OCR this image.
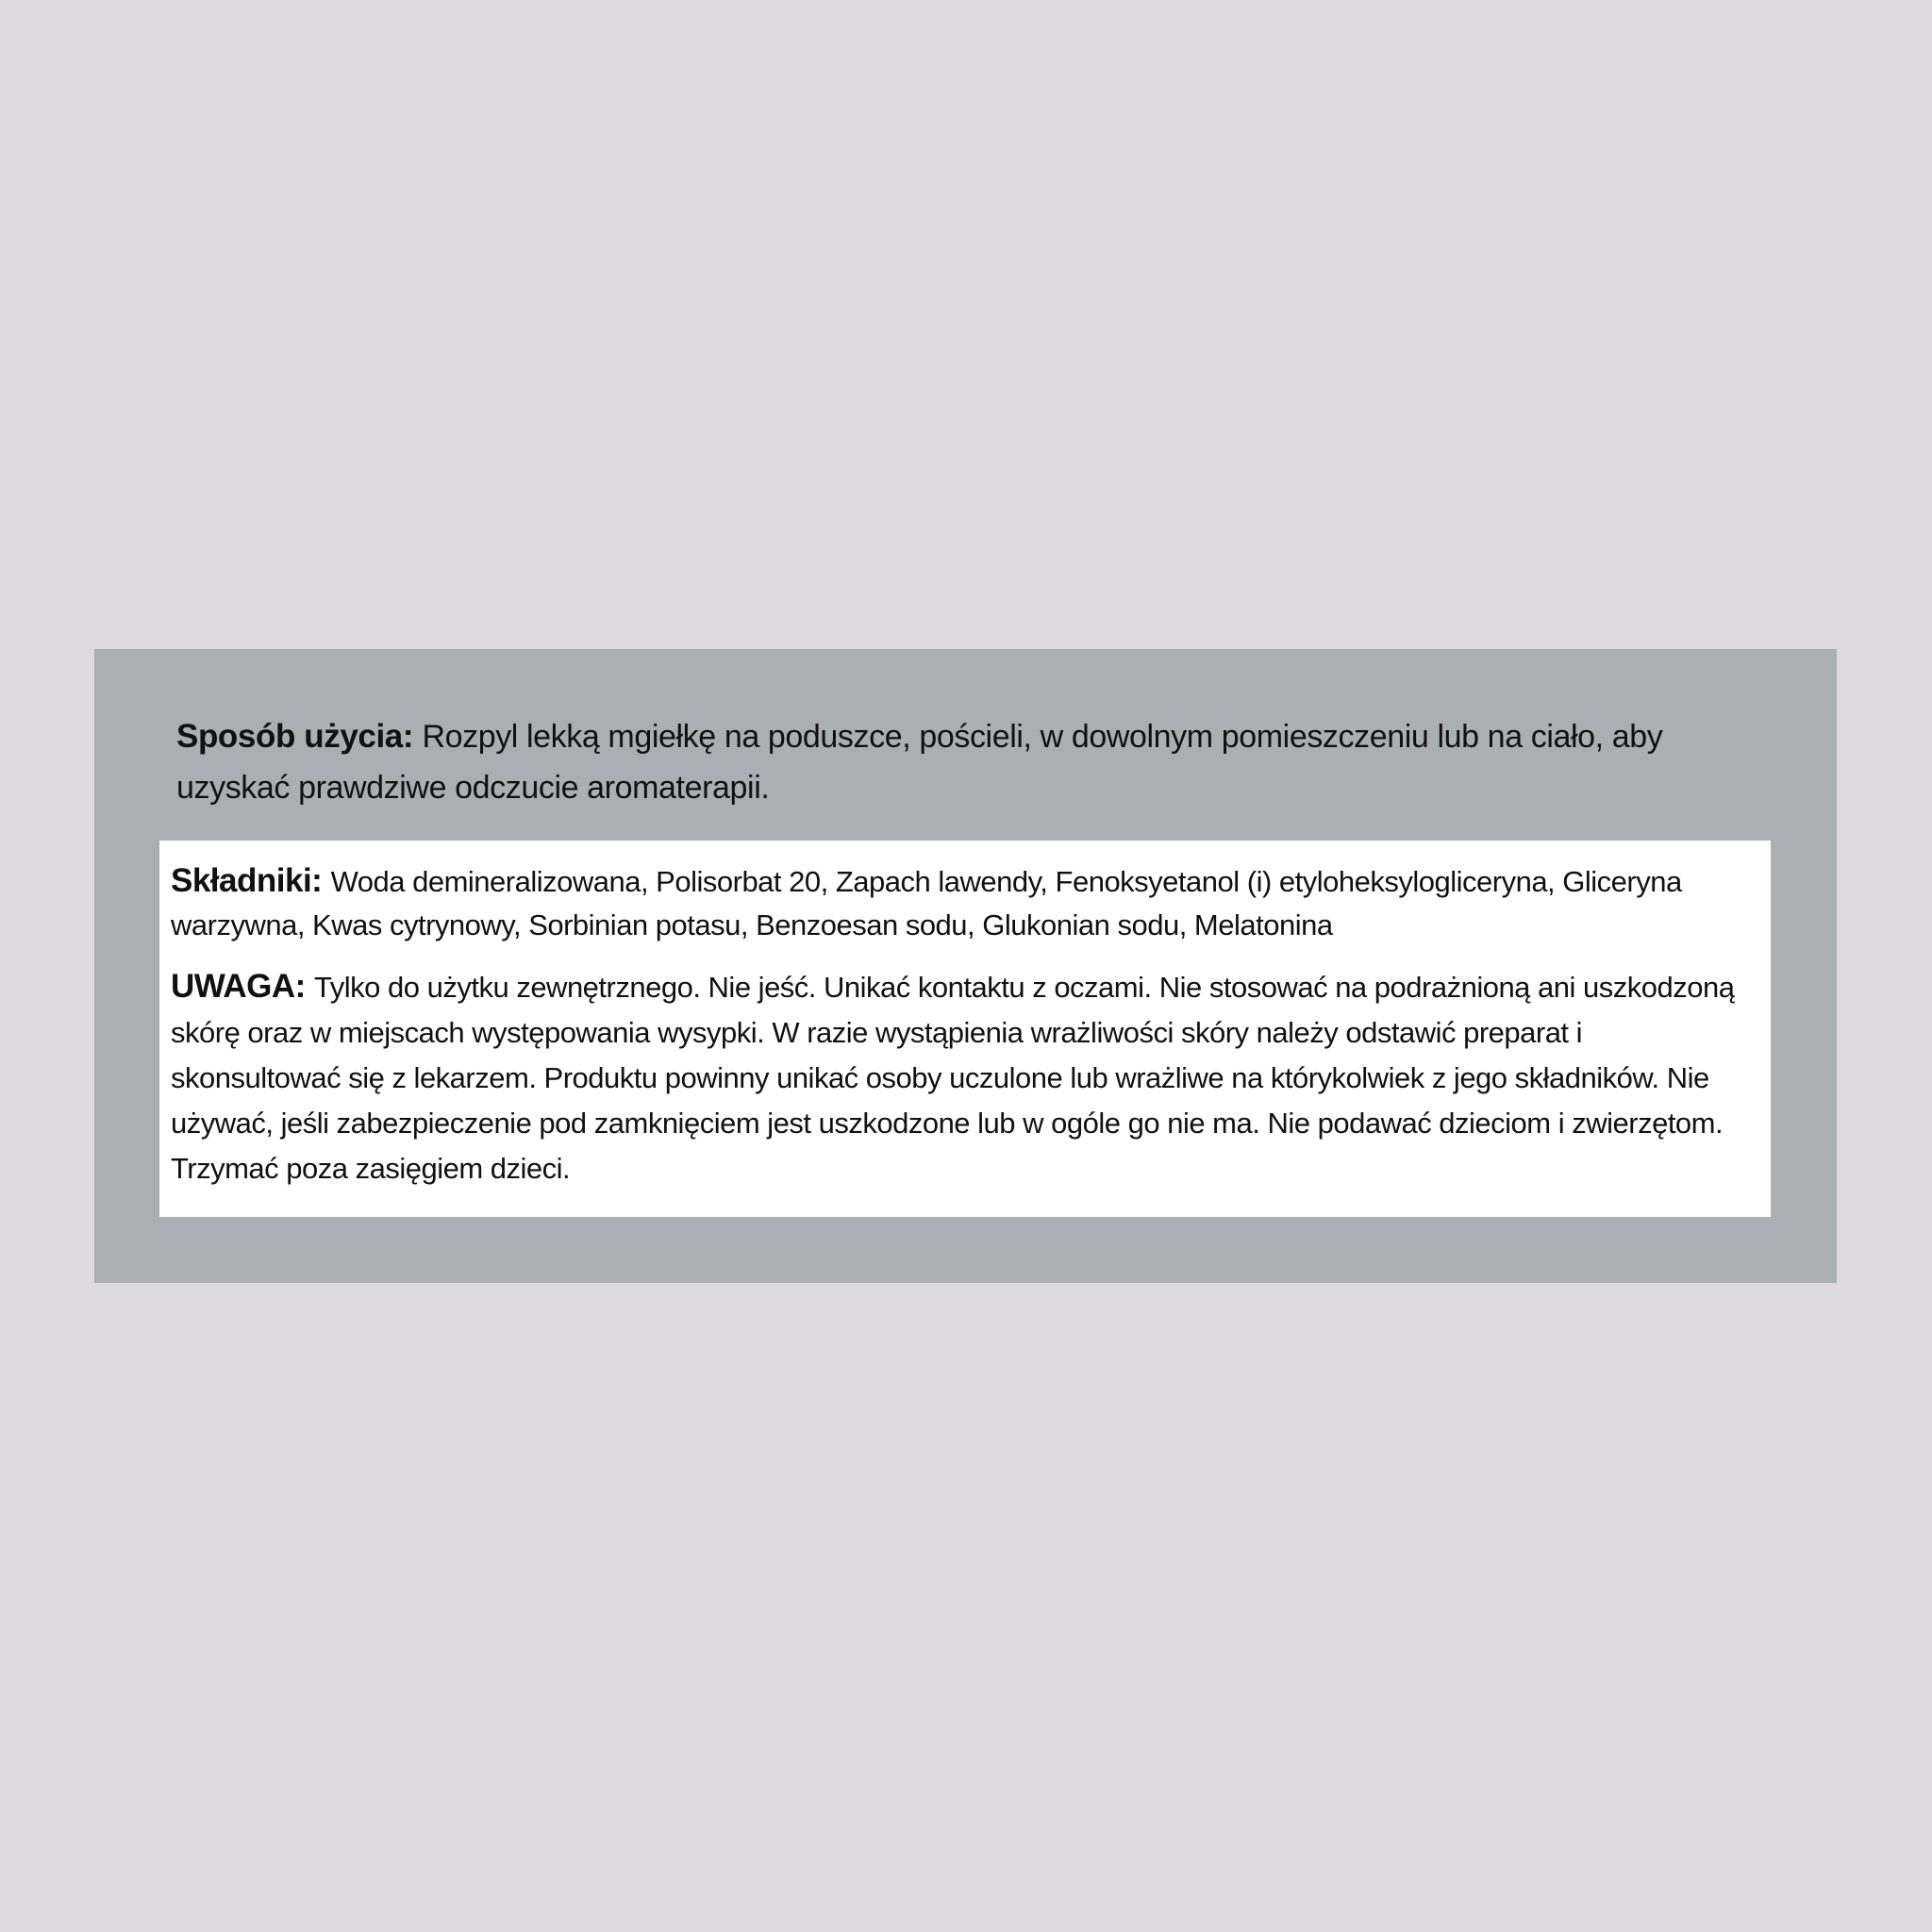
Sposób użycia: Rozpyl lekką mgiełkę na poduszce, pościeli, w dowolnym pomieszczeniu lub na ciało, aby uzyskać prawdziwe odczucie aromaterapii.

Składniki: Woda demineralizowana, Polisorbat 20, Zapach lawendy, Fenoksyetanol (i) etyloheksylogliceryna, Gliceryna warzywna, Kwas cytrynowy, Sorbinian potasu, Benzoesan sodu, Glukonian sodu, Melatonina

UWAGA: Tylko do użytku zewnętrznego. Nie jeść. Unikać kontaktu z oczami. Nie stosować na podrażnioną ani uszkodzoną skórę oraz w miejscach występowania wysypki. W razie wystąpienia wrażliwości skóry należy odstawić preparat i skonsultować się z lekarzem. Produktu powinny unikać osoby uczulone lub wrażliwe na którykolwiek z jego składników. Nie używać, jeśli zabezpieczenie pod zamknięciem jest uszkodzone lub w ogóle go nie ma. Nie podawać dzieciom i zwierzętom. Trzymać poza zasięgiem dzieci.
